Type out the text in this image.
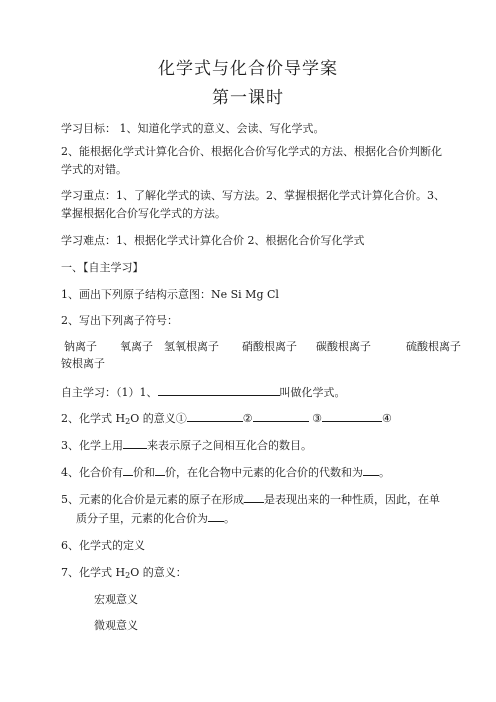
化学式与化合价导学案
第一课时
学习目标： 1、知道化学式的意义、会读、写化学式。
2、能根据化学式计算化合价、根据化合价写化学式的方法、根据化合价判断化
学式的对错。
学习重点：1、了解化学式的读、写方法。2、掌握根据化学式计算化合价。3、
掌握根据化合价写化学式的方法。
学习难点：1、根据化学式计算化合价 2、根据化合价写化学式
一、【自主学习】
1、画出下列原子结构示意图：Ne Si Mg Cl
2、写出下列离子符号：
钠离子 氧离子 氢氧根离子 硝酸根离子 碳酸根离子	硫酸根离子
铵根离子
自主学习：（1）1、	叫做化学式。
2、化学式 $H_2O$ 的意义①	②	③	④
3、化学上用 来表示原子之间相互化合的数目。
4、化合价有 价和 价，在化合物中元素的化合价的代数和为 。
5、元素的化合价是元素的原子在形成 是表现出来的一种性质，因此，在单
质分子里，元素的化合价为 。
6、化学式的定义
7、化学式 $H_2O$ 的意义：
宏观意义
微观意义
